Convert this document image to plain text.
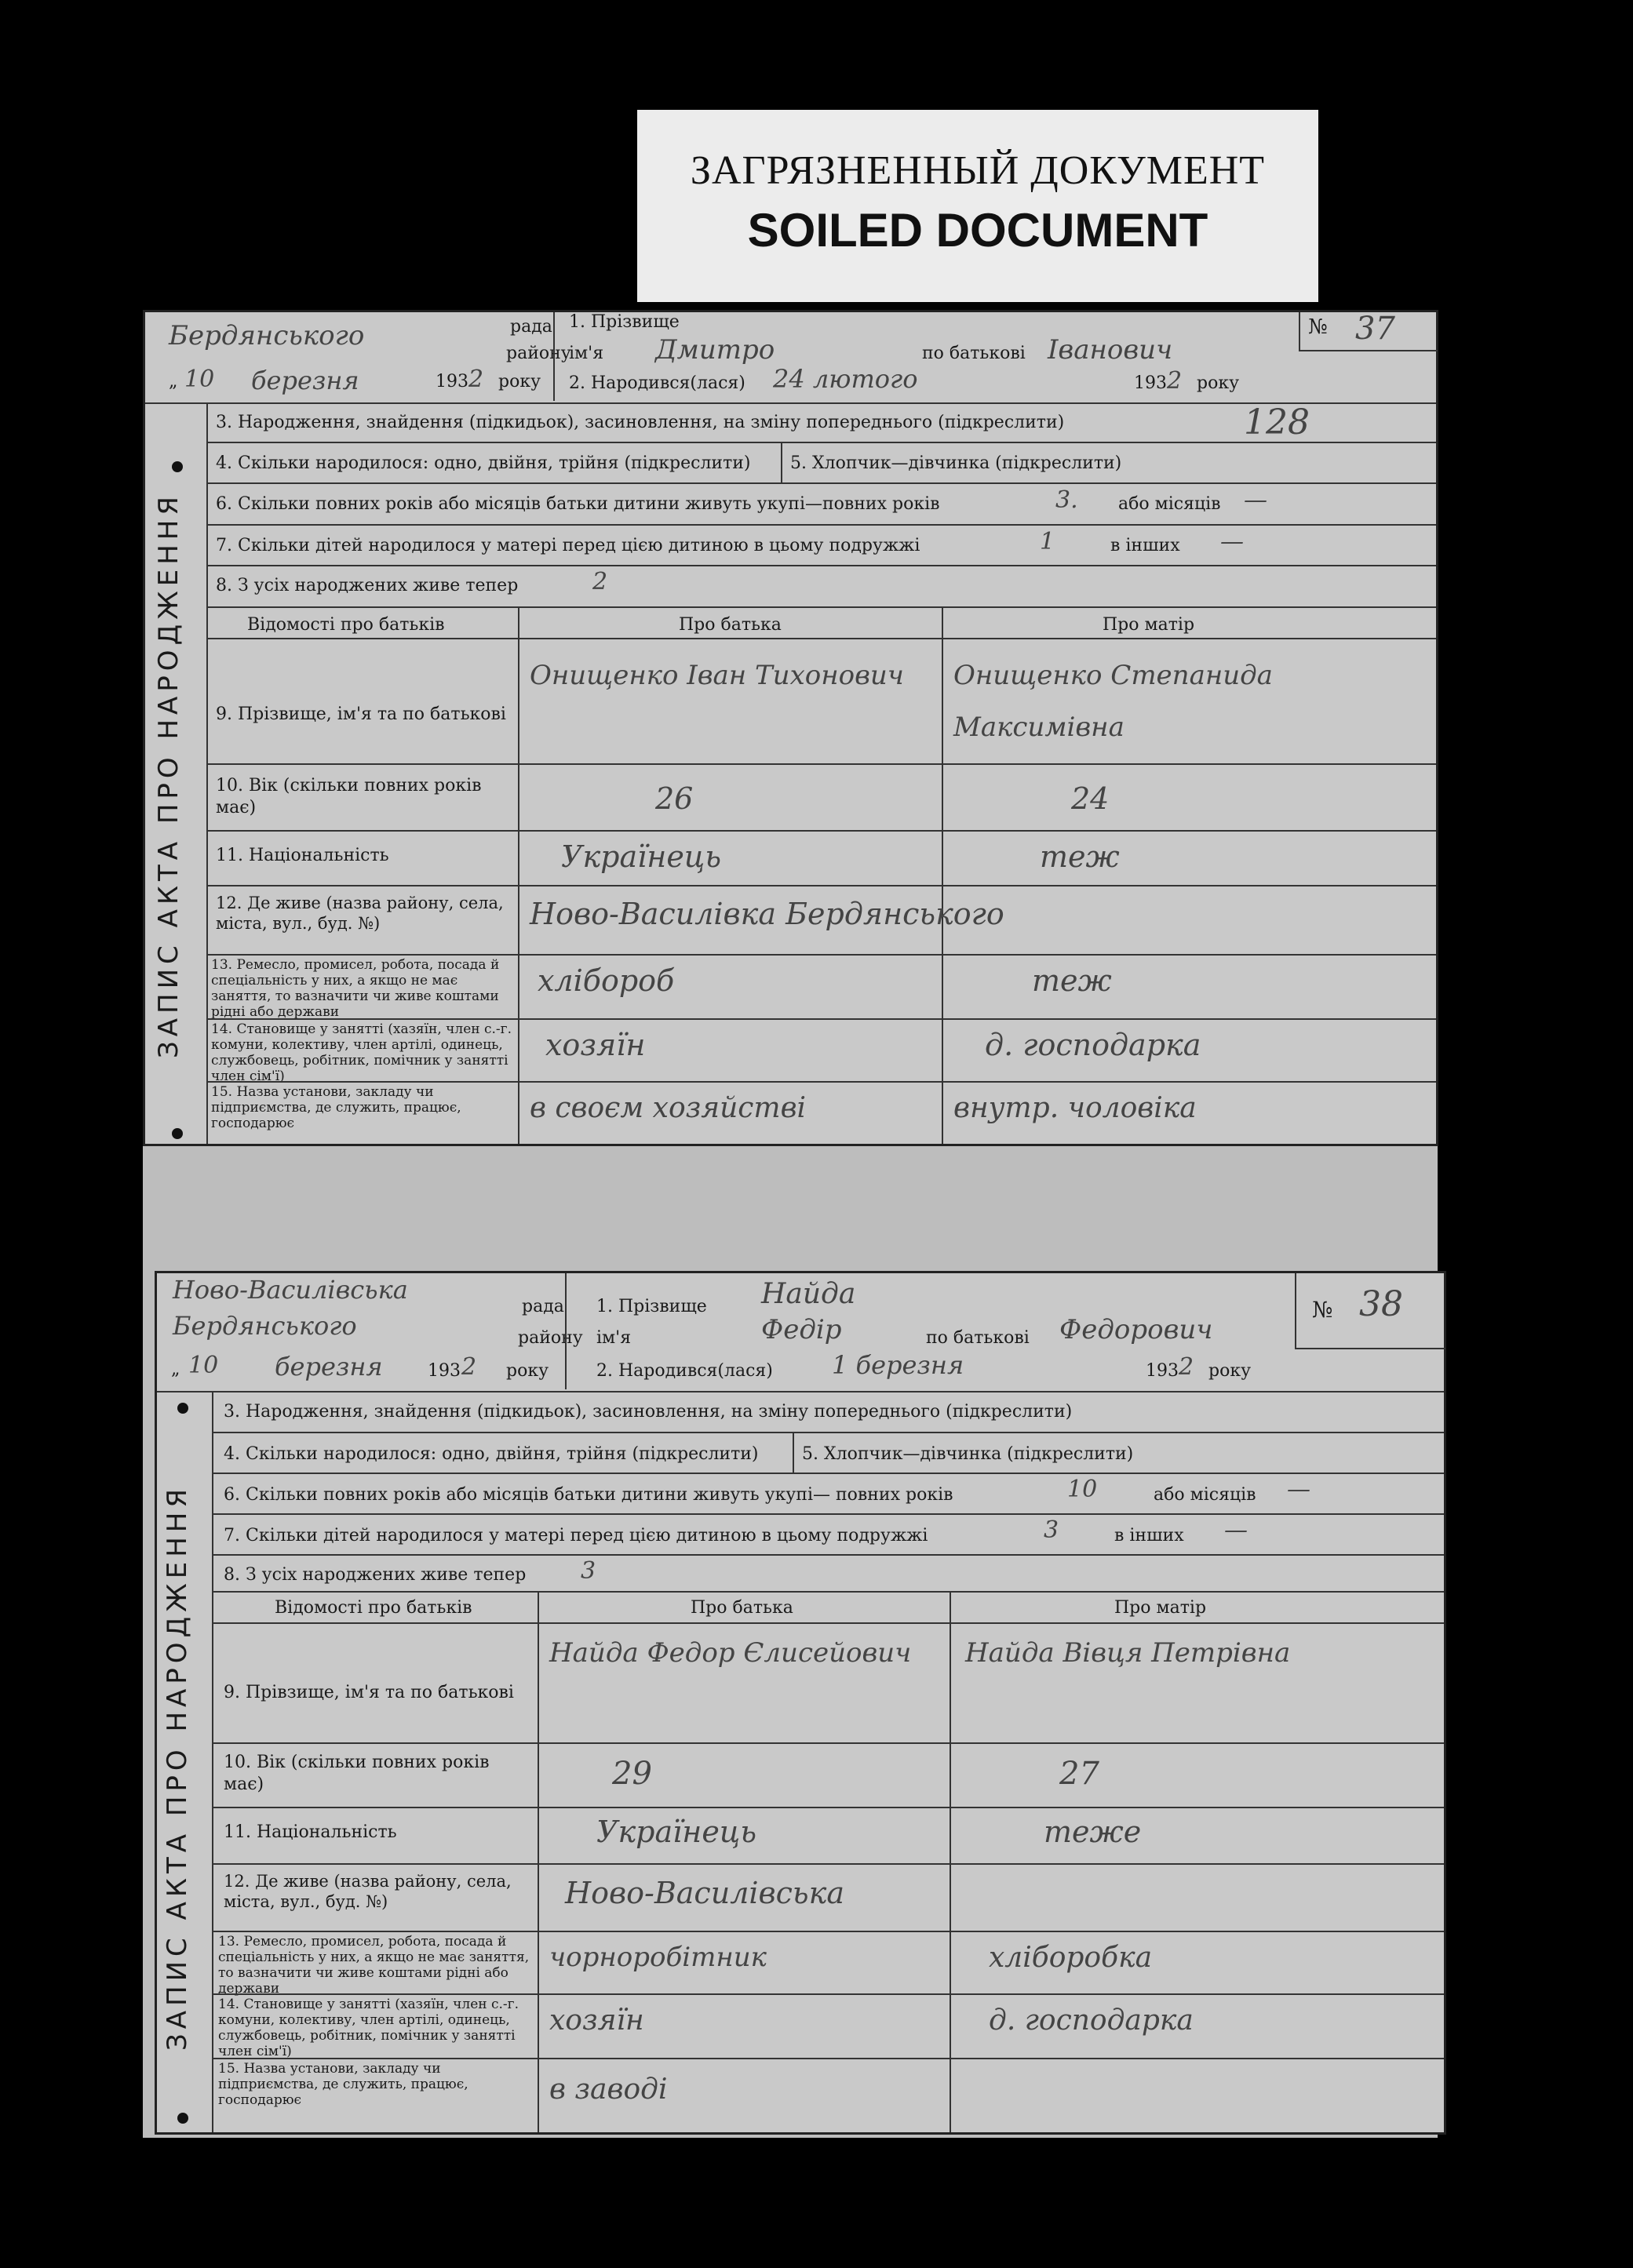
ЗАГРЯЗНЕННЫЙ ДОКУМЕНТ
SOILED DOCUMENT
Бердянського	рада
району
„ 10 березня	193 2 року
1. Прізвище
ім'я Дмитро	по батькові Іванович
2. Народився(лася) 24 лютого	193 2 року
№ 37
ЗАПИС АКТА ПРО НАРОДЖЕННЯ
3. Народження, знайдення (підкидьок), засиновлення, на зміну попереднього (підкреслити)	128
4. Скільки народилося: одно, двійня, трійня (підкреслити) 5. Хлопчик—дівчинка (підкреслити)
6. Скільки повних років або місяців батьки дитини живуть укупі—повних років	3. або місяців —
7. Скільки дітей народилося у матері перед цією дитиною в цьому подружжі	1	в інших —
8. З усіх народжених живе тепер	2
Відомості про батьків	Про батька	Про матір
9. Прізвище, ім'я та по батькові
Онищенко Іван Тихонович	Онищенко Степанида Максимівна
10. Вік (скільки повних років має)	26	24
11. Національність	Українець	теж
12. Де живе (назва району, села, міста, вул., буд. №)	Ново-Василівка Бердянського
13. Ремесло, промисел, робота, посада й спеціальність у них, а якщо не має заняття, то вазначити чи живе коштами рідні або держави
хлібороб	теж
14. Становище у занятті (хазяїн, член с.-г. комуни, колективу, член артілі, одинець, службовець, робітник, помічник у занятті член сім'ї)
хозяїн	д. господарка
15. Назва установи, закладу чи підприємства, де служить, працює, господарює	в своєм хозяйстві	внутр. чоловіка
Ново-Василівська
рада
Бердянського	району
„ 10 березня	193 2 року
1. Прізвище Найда
ім'я	Федір	по батькові Федорович
2. Народився(лася) 1 березня	193 2 року
№ 38
ЗАПИС АКТА ПРО НАРОДЖЕННЯ
3. Народження, знайдення (підкидьок), засиновлення, на зміну попереднього (підкреслити)
4. Скільки народилося: одно, двійня, трійня (підкреслити)	5. Хлопчик—дівчинка (підкреслити)
6. Скільки повних років або місяців батьки дитини живуть укупі— повних років	10	або місяців —
7. Скільки дітей народилося у матері перед цією дитиною в цьому подружжі	3	в інших —
8. З усіх народжених живе тепер 3
Відомості про батьків	Про батька	Про матір
9. Прівзище, ім'я та по батькові
Найда Федор Єлисейович	Найда Вівця Петрівна
10. Вік (скільки повних років має)	29	27
11. Національність	Українець	теже
12. Де живе (назва району, села, міста, вул., буд. №)	Ново-Василівська
13. Ремесло, промисел, робота, посада й спеціальність у них, а якщо не має заняття, то вазначити чи живе коштами рідні або держави
чорноробітник	хліборобка
14. Становище у занятті (хазяїн, член с.-г. комуни, колективу, член артілі, одинець, службовець, робітник, помічник у занятті член сім'ї)
хозяїн	д. господарка
15. Назва установи, закладу чи підприємства, де служить, працює, господарює	в заводі
